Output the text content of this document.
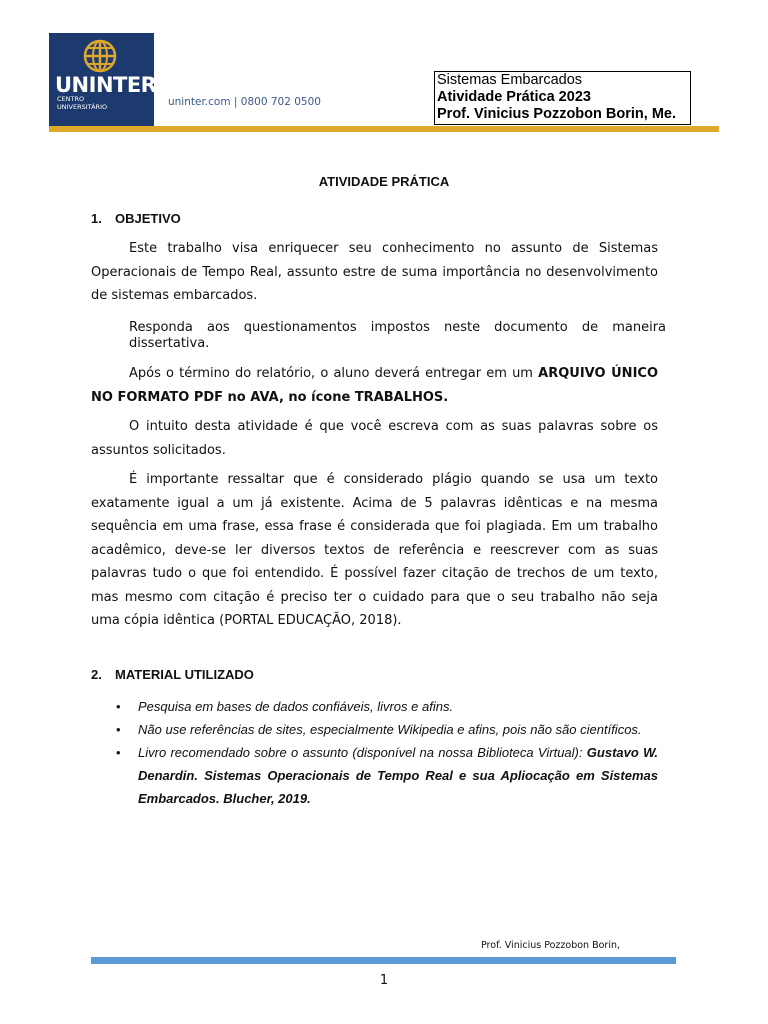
UNINTER
CENTRO
UNIVERSITÁRIO	uninter.com | 0800 702 0500
Sistemas Embarcados
Atividade Prática 2023
Prof. Vinicius Pozzobon Borin, Me.
ATIVIDADE PRÁTICA
1. OBJETIVO

Este trabalho visa enriquecer seu conhecimento no assunto de Sistemas Operacionais de Tempo Real, assunto estre de suma importância no desenvolvimento de sistemas embarcados.

Responda aos questionamentos impostos neste documento de maneira dissertativa.

Após o término do relatório, o aluno deverá entregar em um ARQUIVO ÚNICO NO FORMATO PDF no AVA, no ícone TRABALHOS.

O intuito desta atividade é que você escreva com as suas palavras sobre os assuntos solicitados.

É importante ressaltar que é considerado plágio quando se usa um texto exatamente igual a um já existente. Acima de 5 palavras idênticas e na mesma sequência em uma frase, essa frase é considerada que foi plagiada. Em um trabalho acadêmico, deve-se ler diversos textos de referência e reescrever com as suas palavras tudo o que foi entendido. É possível fazer citação de trechos de um texto, mas mesmo com citação é preciso ter o cuidado para que o seu trabalho não seja uma cópia idêntica (PORTAL EDUCAÇÃO, 2018).

2. MATERIAL UTILIZADO
• Pesquisa em bases de dados confiáveis, livros e afins.
• Não use referências de sites, especialmente Wikipedia e afins, pois não são científicos.
• Livro recomendado sobre o assunto (disponível na nossa Biblioteca Virtual): Gustavo W. Denardin. Sistemas Operacionais de Tempo Real e sua Apliocação em Sistemas Embarcados. Blucher, 2019.
Prof. Vinicius Pozzobon Borin,
1
